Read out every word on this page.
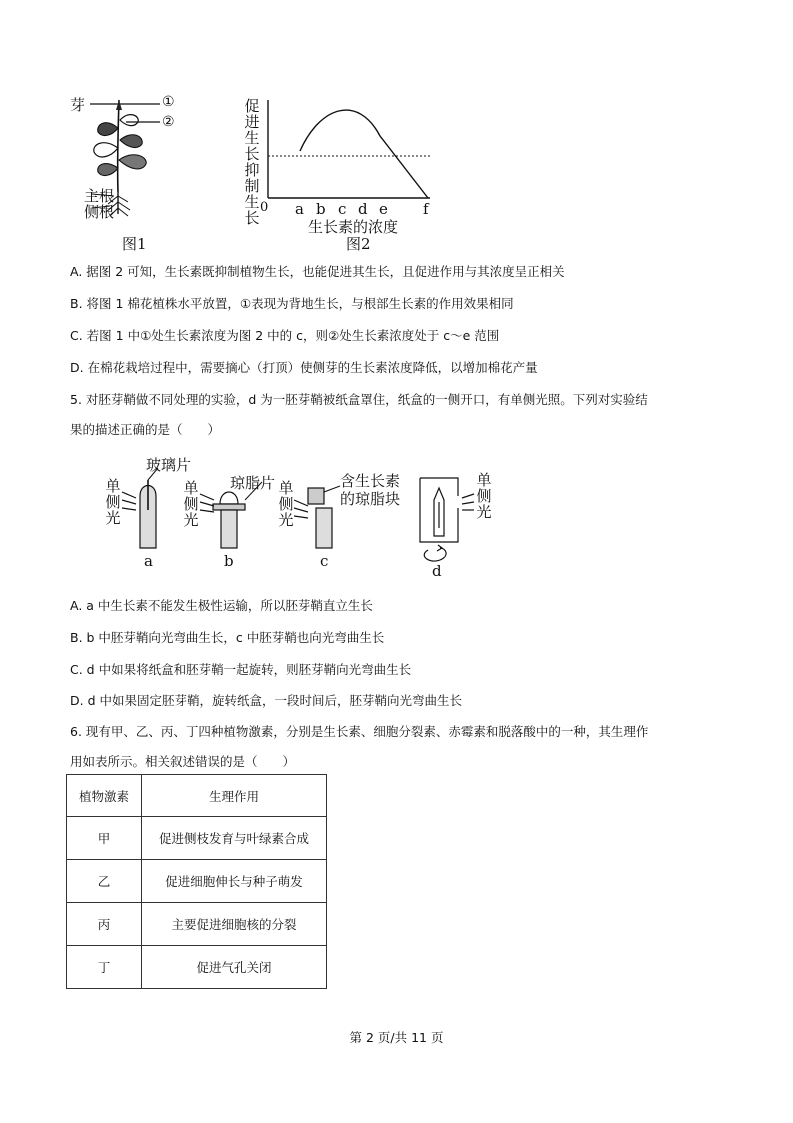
芽	①
②
主根
侧根
图1
促进生长
抑制生长
0 a b c d e f
生长素的浓度
图2
A. 据图 2 可知，生长素既抑制植物生长，也能促进其生长，且促进作用与其浓度呈正相关
B. 将图 1 棉花植株水平放置，①表现为背地生长，与根部生长素的作用效果相同
C. 若图 1 中①处生长素浓度为图 2 中的 c，则②处生长素浓度处于 c～e 范围
D. 在棉花栽培过程中，需要摘心（打顶）使侧芽的生长素浓度降低，以增加棉花产量
5. 对胚芽鞘做不同处理的实验，d 为一胚芽鞘被纸盒罩住，纸盒的一侧开口，有单侧光照。下列对实验结
果的描述正确的是（　　）
单侧光
玻璃片
单侧光
琼脂片 单侧光
含生长素的琼脂块
单侧光
a	b	c
d
A. a 中生长素不能发生极性运输，所以胚芽鞘直立生长
B. b 中胚芽鞘向光弯曲生长，c 中胚芽鞘也向光弯曲生长
C. d 中如果将纸盒和胚芽鞘一起旋转，则胚芽鞘向光弯曲生长
D. d 中如果固定胚芽鞘，旋转纸盒，一段时间后，胚芽鞘向光弯曲生长
6. 现有甲、乙、丙、丁四种植物激素，分别是生长素、细胞分裂素、赤霉素和脱落酸中的一种，其生理作
用如表所示。相关叙述错误的是（　　）
植物激素	生理作用
甲	促进侧枝发育与叶绿素合成
乙	促进细胞伸长与种子萌发
丙	主要促进细胞核的分裂
丁	促进气孔关闭
第 2 页/共 11 页
